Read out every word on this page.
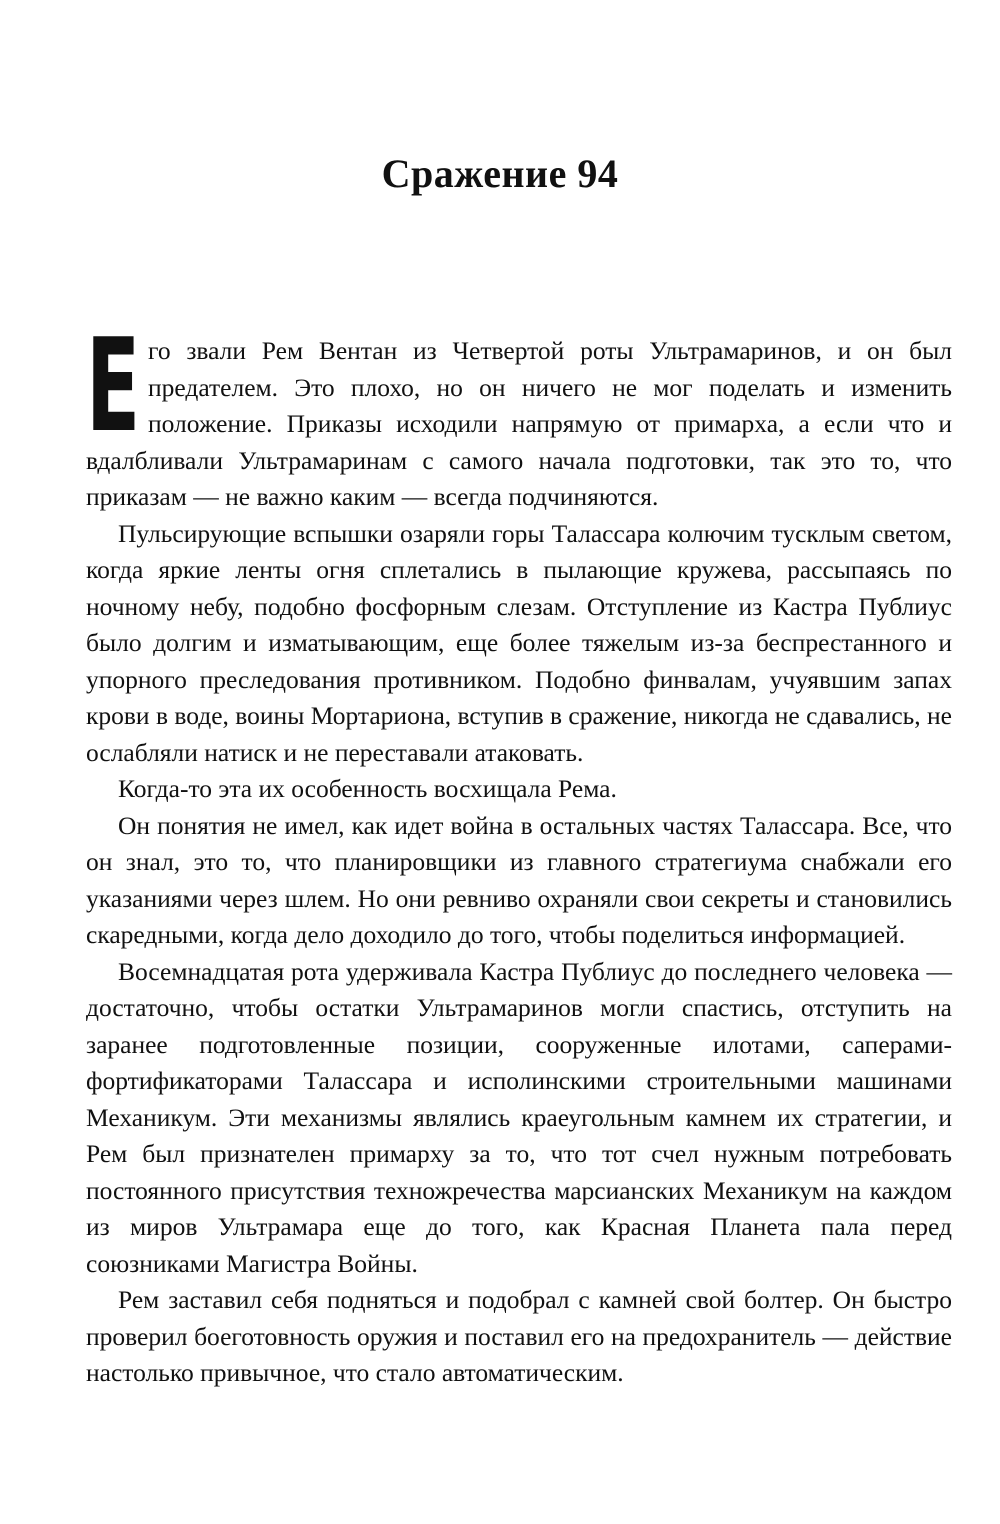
Сражение 94

Его звали Рем Вентан из Четвертой роты Ультрамаринов, и он был предателем. Это плохо, но он ничего не мог поделать и изменить положение. Приказы исходили напрямую от примарха, а если что и вдалбливали Ультрамаринам с самого начала подготовки, так это то, что приказам — не важно каким — всегда подчиняются.

Пульсирующие вспышки озаряли горы Талассара колючим тусклым светом, когда яркие ленты огня сплетались в пылающие кружева, рассыпаясь по ночному небу, подобно фосфорным слезам. Отступление из Кастра Публиус было долгим и изматывающим, еще более тяжелым из-за беспрестанного и упорного преследования противником. Подобно финвалам, учуявшим запах крови в воде, воины Мортариона, вступив в сражение, никогда не сдавались, не ослабляли натиск и не переставали атаковать.

Когда-то эта их особенность восхищала Рема.

Он понятия не имел, как идет война в остальных частях Талассара. Все, что он знал, это то, что планировщики из главного стратегиума снабжали его указаниями через шлем. Но они ревниво охраняли свои секреты и становились скаредными, когда дело доходило до того, чтобы поделиться информацией.

Восемнадцатая рота удерживала Кастра Публиус до последнего человека — достаточно, чтобы остатки Ультрамаринов могли спастись, отступить на заранее подготовленные позиции, сооруженные илотами, саперами-фортификаторами Талассара и исполинскими строительными машинами Механикум. Эти механизмы являлись краеугольным камнем их стратегии, и Рем был признателен примарху за то, что тот счел нужным потребовать постоянного присутствия техножречества марсианских Механикум на каждом из миров Ультрамара еще до того, как Красная Планета пала перед союзниками Магистра Войны.

Рем заставил себя подняться и подобрал с камней свой болтер. Он быстро проверил боеготовность оружия и поставил его на предохранитель — действие настолько привычное, что стало автоматическим.
